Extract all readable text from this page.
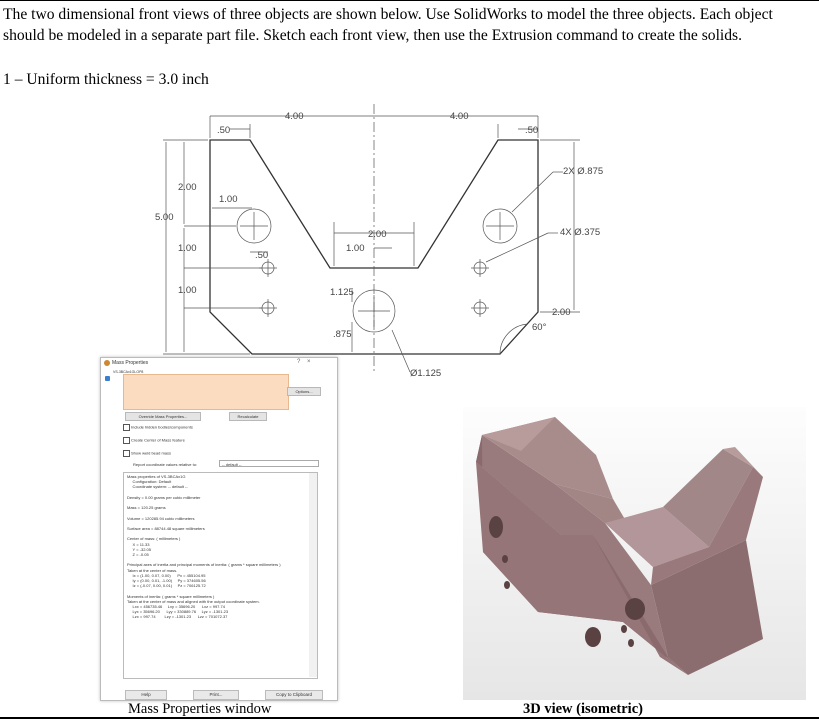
The two dimensional front views of three objects are shown below. Use SolidWorks to model the three objects. Each object should be modeled in a separate part file. Sketch each front view, then use the Extrusion command to create the solids.
1 – Uniform thickness = 3.0 inch
4.00	4.00
.50	.50
5.00
2.00
1.00
1.00
.50
1.00
2.00
1.00
1.125
.875
2X Ø.875
4X Ø.375
2.00
60°
Ø1.125
Mass Properties	? ×
VS-3BCAx1GLOP8
Options...
Override Mass Properties...	Recalculate
Include hidden bodies/components
Create Center of Mass feature
Show weld bead mass
Report coordinate values relative to:	-- default --
Mass properties of VS-3BCAx1G
Configuration: Default
Coordinate system: -- default --

Density = 0.00 grams per cubic millimeter

Mass = 120.25 grams

Volume = 120285.94 cubic millimeters

Surface area = 88744.48 square millimeters

Center of mass: ( millimeters )
X = 11.33
Y = -32.05
Z = -0.05

Principal axes of inertia and principal moments of inertia: ( grams * square millimeters )
Taken at the center of mass.
Ix = (1.00, 0.07, 0.00)      Px = 455104.95
Iy = (0.00, 0.01, -1.00)     Py = 374605.56
Iz = (-0.07, 0.00, 0.01)     Pz = 706125.72

Moments of inertia: ( grams * square millimeters )
Taken at the center of mass and aligned with the output coordinate system.
Lxx = 456735.46     Lxy = 35696.20      Lxz = 997.74
Lyx = 35696.20      Lyy = 330889.76     Lyz = -1301.23
Lzx = 997.74        Lzy = -1301.23      Lzz = 701072.37
Help	Print...	Copy to Clipboard
Mass Properties window	3D view (isometric)
